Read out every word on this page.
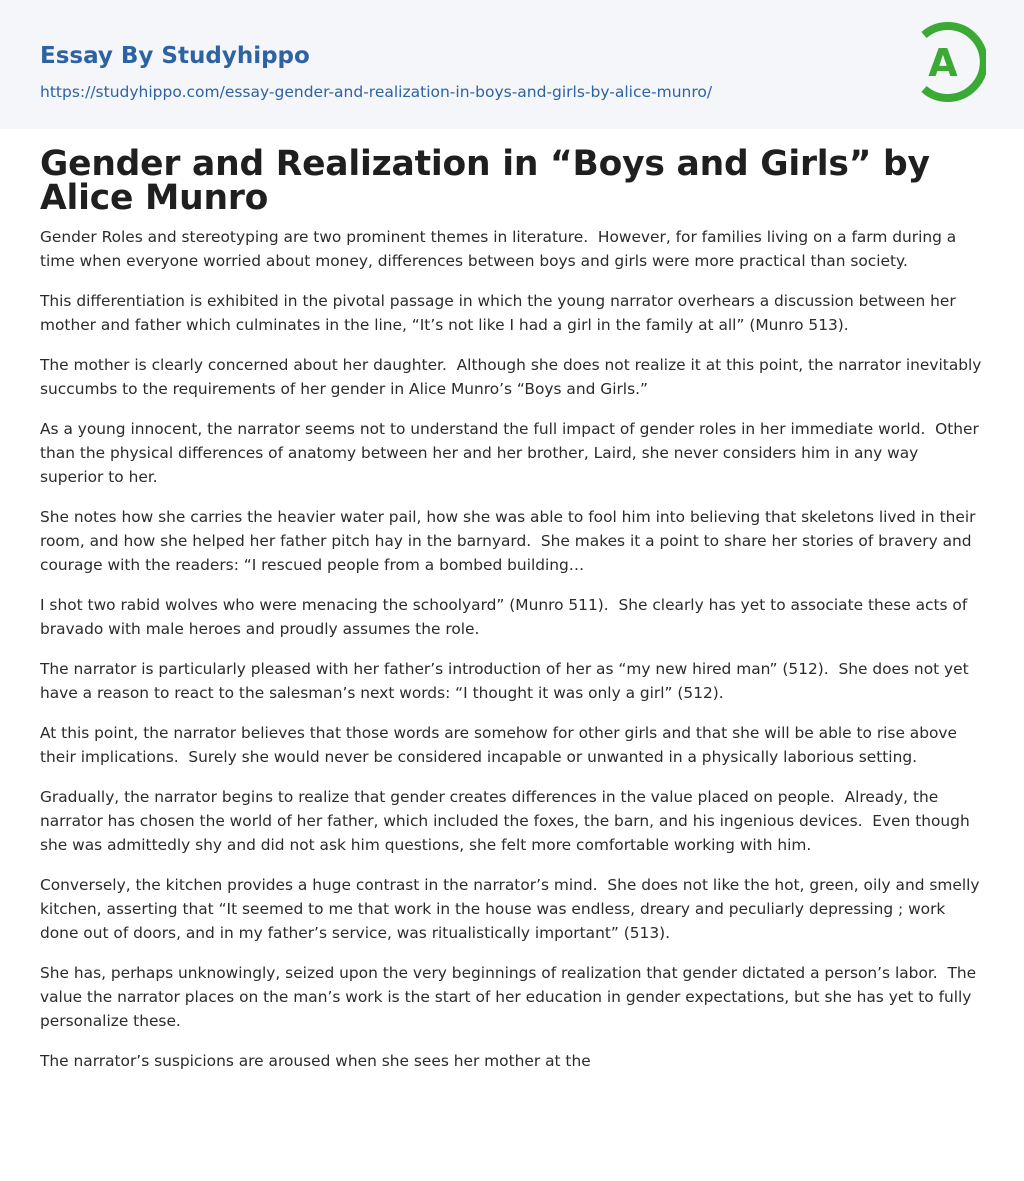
Essay By Studyhippo
https://studyhippo.com/essay-gender-and-realization-in-boys-and-girls-by-alice-munro/
A
Gender and Realization in “Boys and Girls” by Alice Munro

Gender Roles and stereotyping are two prominent themes in literature.  However, for families living on a farm during a time when everyone worried about money, differences between boys and girls were more practical than society.

This differentiation is exhibited in the pivotal passage in which the young narrator overhears a discussion between her mother and father which culminates in the line, “It’s not like I had a girl in the family at all” (Munro 513).

The mother is clearly concerned about her daughter.  Although she does not realize it at this point, the narrator inevitably succumbs to the requirements of her gender in Alice Munro’s “Boys and Girls.”

As a young innocent, the narrator seems not to understand the full impact of gender roles in her immediate world.  Other than the physical differences of anatomy between her and her brother, Laird, she never considers him in any way superior to her.

She notes how she carries the heavier water pail, how she was able to fool him into believing that skeletons lived in their room, and how she helped her father pitch hay in the barnyard.  She makes it a point to share her stories of bravery and courage with the readers: “I rescued people from a bombed building…

I shot two rabid wolves who were menacing the schoolyard” (Munro 511).  She clearly has yet to associate these acts of bravado with male heroes and proudly assumes the role.

The narrator is particularly pleased with her father’s introduction of her as “my new hired man” (512).  She does not yet have a reason to react to the salesman’s next words: “I thought it was only a girl” (512).

At this point, the narrator believes that those words are somehow for other girls and that she will be able to rise above their implications.  Surely she would never be considered incapable or unwanted in a physically laborious setting.

Gradually, the narrator begins to realize that gender creates differences in the value placed on people.  Already, the narrator has chosen the world of her father, which included the foxes, the barn, and his ingenious devices.  Even though she was admittedly shy and did not ask him questions, she felt more comfortable working with him.

Conversely, the kitchen provides a huge contrast in the narrator’s mind.  She does not like the hot, green, oily and smelly kitchen, asserting that “It seemed to me that work in the house was endless, dreary and peculiarly depressing ; work done out of doors, and in my father’s service, was ritualistically important” (513).

She has, perhaps unknowingly, seized upon the very beginnings of realization that gender dictated a person’s labor.  The value the narrator places on the man’s work is the start of her education in gender expectations, but she has yet to fully personalize these.

The narrator’s suspicions are aroused when she sees her mother at the
